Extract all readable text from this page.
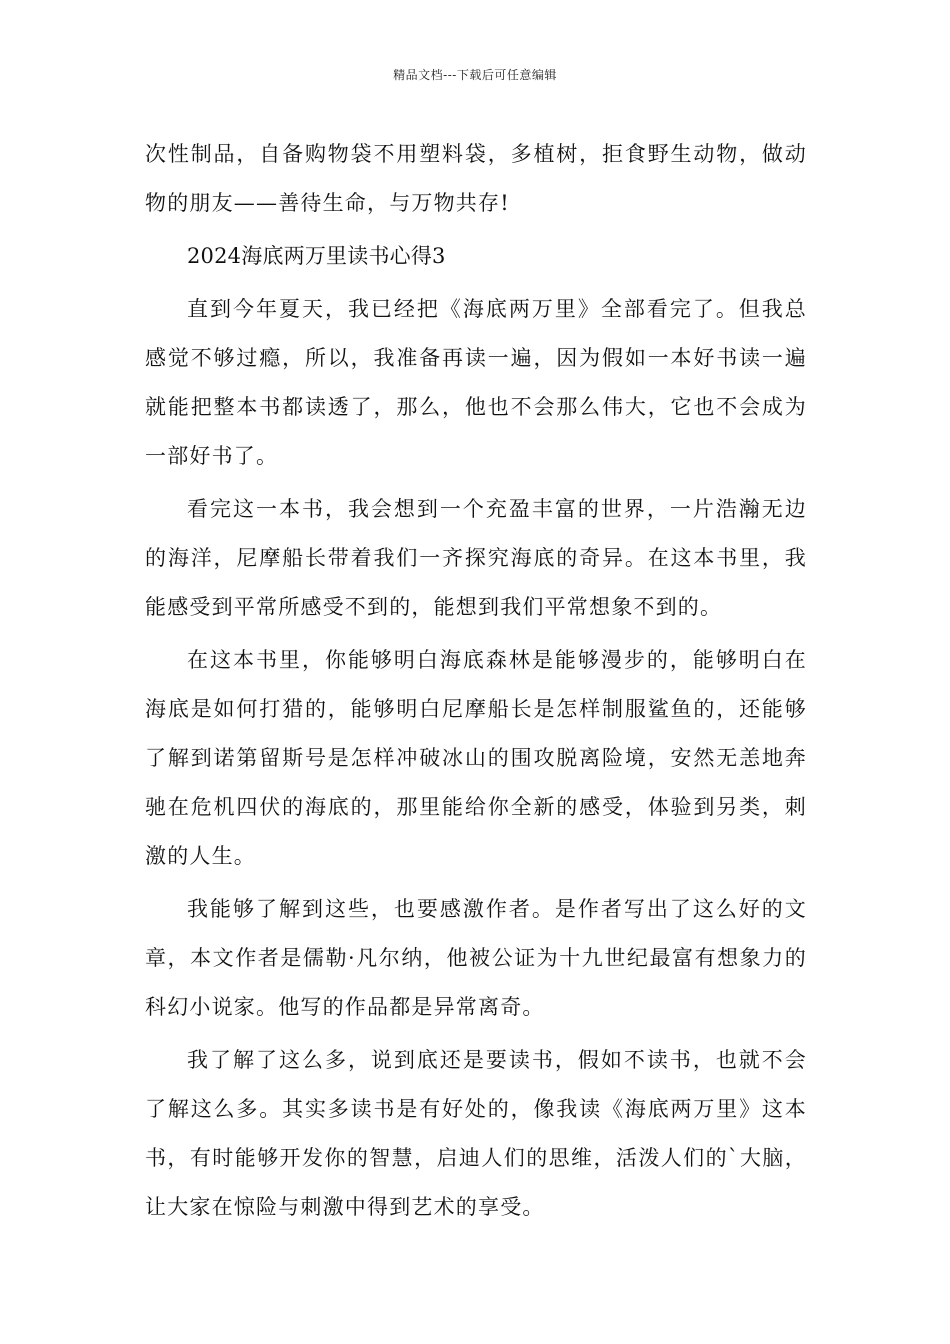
精品文档---下载后可任意编辑

次性制品，自备购物袋不用塑料袋，多植树，拒食野生动物，做动物的朋友——善待生命，与万物共存!

2024海底两万里读书心得3

直到今年夏天，我已经把《海底两万里》全部看完了。但我总感觉不够过瘾，所以，我准备再读一遍，因为假如一本好书读一遍就能把整本书都读透了，那么，他也不会那么伟大，它也不会成为一部好书了。

看完这一本书，我会想到一个充盈丰富的世界，一片浩瀚无边的海洋，尼摩船长带着我们一齐探究海底的奇异。在这本书里，我能感受到平常所感受不到的，能想到我们平常想象不到的。

在这本书里，你能够明白海底森林是能够漫步的，能够明白在海底是如何打猎的，能够明白尼摩船长是怎样制服鲨鱼的，还能够了解到诺第留斯号是怎样冲破冰山的围攻脱离险境，安然无恙地奔驰在危机四伏的海底的，那里能给你全新的感受，体验到另类，刺激的人生。

我能够了解到这些，也要感激作者。是作者写出了这么好的文章，本文作者是儒勒·凡尔纳，他被公证为十九世纪最富有想象力的科幻小说家。他写的作品都是异常离奇。

我了解了这么多，说到底还是要读书，假如不读书，也就不会了解这么多。其实多读书是有好处的，像我读《海底两万里》这本书，有时能够开发你的智慧，启迪人们的思维，活泼人们的`大脑，让大家在惊险与刺激中得到艺术的享受。
